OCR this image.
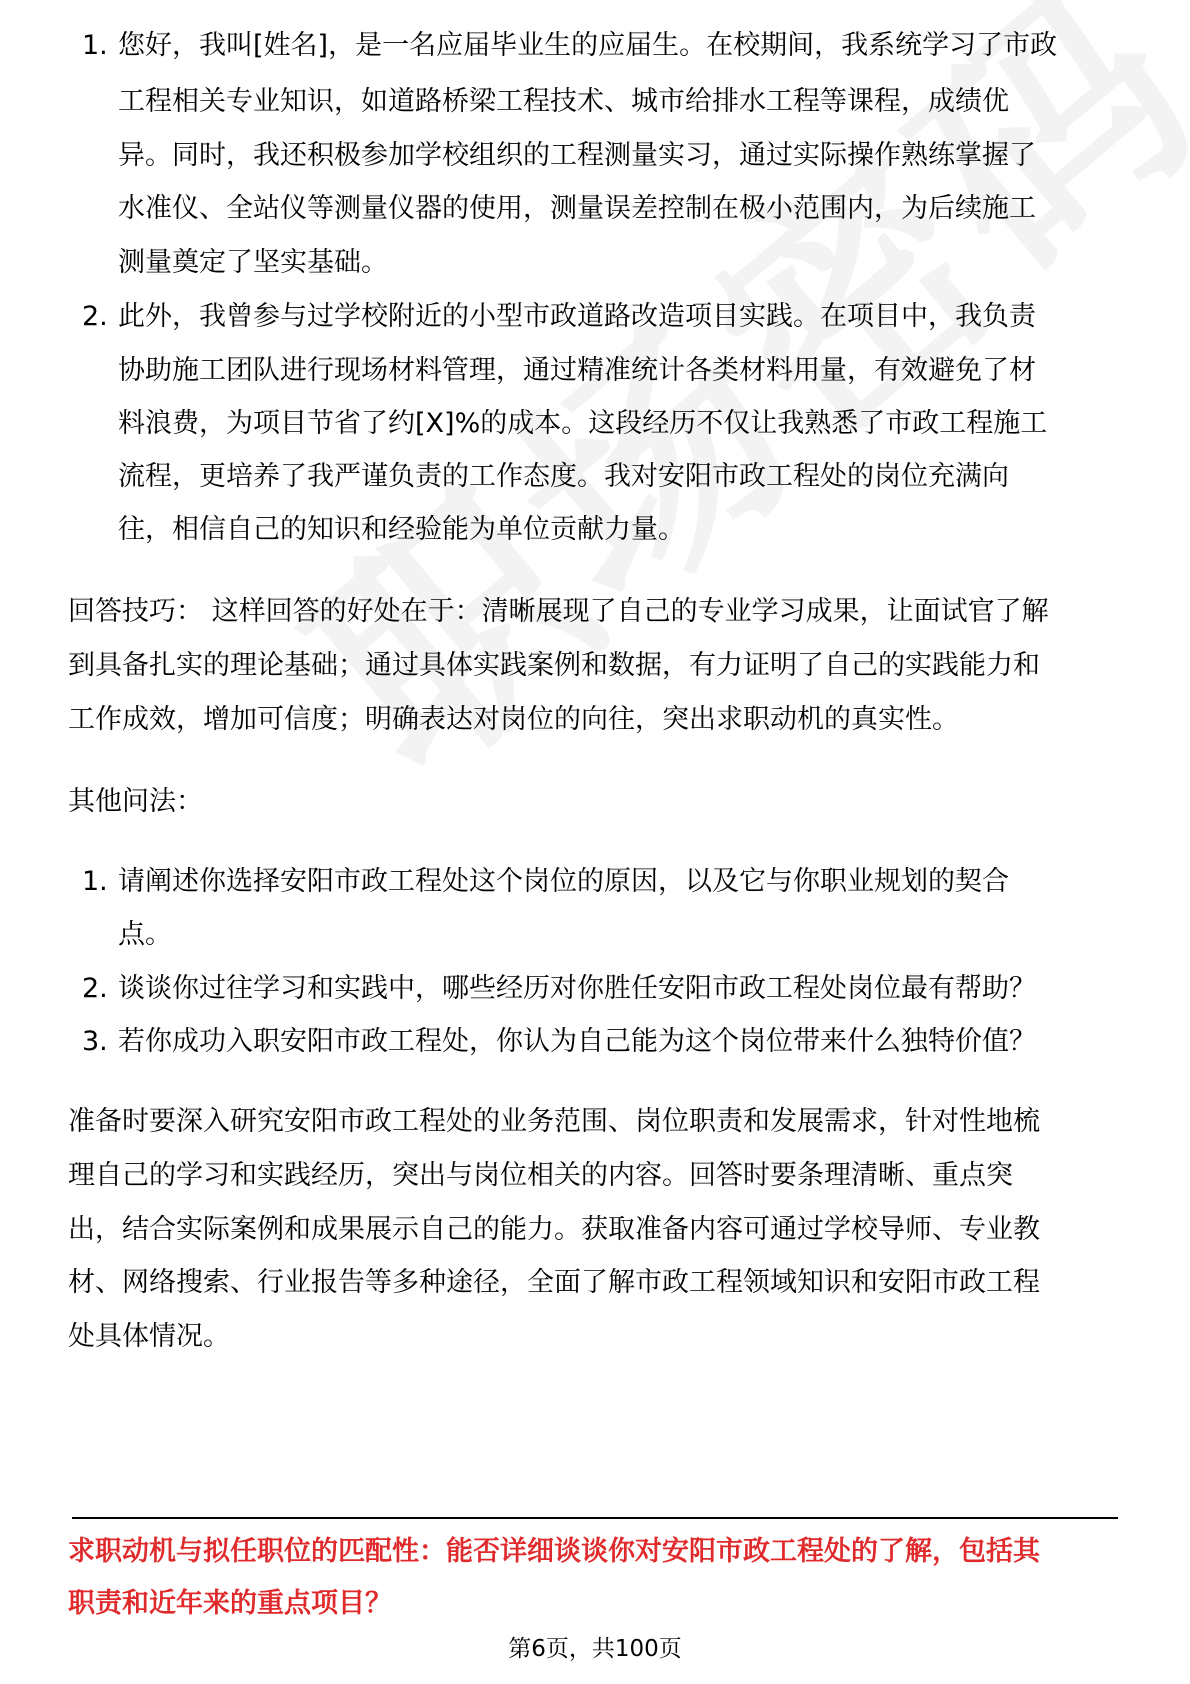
1. 您好，我叫[姓名]，是一名应届毕业生的应届生。在校期间，我系统学习了市政
工程相关专业知识，如道路桥梁工程技术、城市给排水工程等课程，成绩优
异。同时，我还积极参加学校组织的工程测量实习，通过实际操作熟练掌握了
水准仪、全站仪等测量仪器的使用，测量误差控制在极小范围内，为后续施工
测量奠定了坚实基础。
2. 此外，我曾参与过学校附近的小型市政道路改造项目实践。在项目中，我负责
协助施工团队进行现场材料管理，通过精准统计各类材料用量，有效避免了材
料浪费，为项目节省了约[X]%的成本。这段经历不仅让我熟悉了市政工程施工
流程，更培养了我严谨负责的工作态度。我对安阳市政工程处的岗位充满向
往，相信自己的知识和经验能为单位贡献力量。
回答技巧： 这样回答的好处在于：清晰展现了自己的专业学习成果，让面试官了解
到具备扎实的理论基础；通过具体实践案例和数据，有力证明了自己的实践能力和
工作成效，增加可信度；明确表达对岗位的向往，突出求职动机的真实性。
其他问法：
1. 请阐述你选择安阳市政工程处这个岗位的原因，以及它与你职业规划的契合
点。
2. 谈谈你过往学习和实践中，哪些经历对你胜任安阳市政工程处岗位最有帮助？
3. 若你成功入职安阳市政工程处，你认为自己能为这个岗位带来什么独特价值？
准备时要深入研究安阳市政工程处的业务范围、岗位职责和发展需求，针对性地梳
理自己的学习和实践经历，突出与岗位相关的内容。回答时要条理清晰、重点突
出，结合实际案例和成果展示自己的能力。获取准备内容可通过学校导师、专业教
材、网络搜索、行业报告等多种途径，全面了解市政工程领域知识和安阳市政工程
处具体情况。
求职动机与拟任职位的匹配性：能否详细谈谈你对安阳市政工程处的了解，包括其
职责和近年来的重点项目？
第6页，共100页
